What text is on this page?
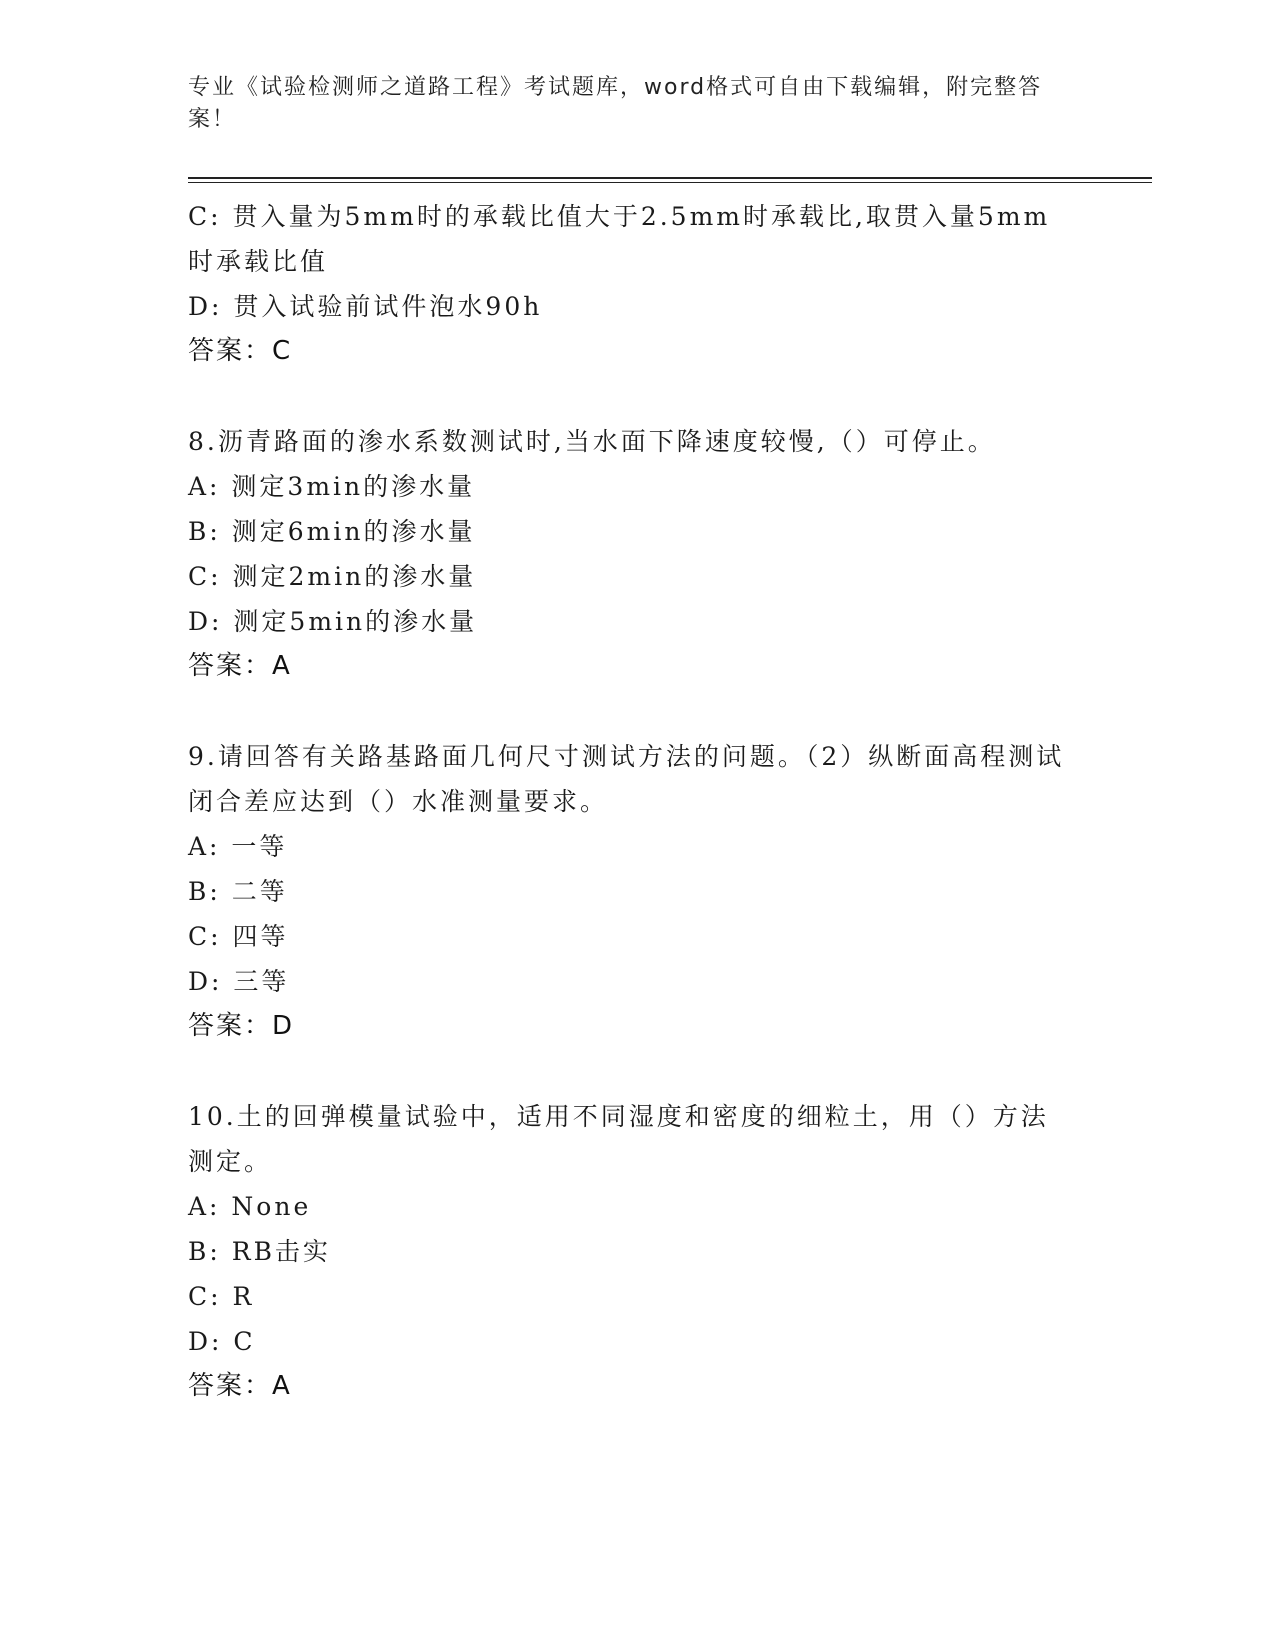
专业《试验检测师之道路工程》考试题库，word格式可自由下载编辑，附完整答案！
C: 贯入量为5mm时的承载比值大于2.5mm时承载比,取贯入量5mm时承载比值
D: 贯入试验前试件泡水90h
答案：C
8.沥青路面的渗水系数测试时,当水面下降速度较慢,（）可停止。
A: 测定3min的渗水量
B: 测定6min的渗水量
C: 测定2min的渗水量
D: 测定5min的渗水量
答案：A
9.请回答有关路基路面几何尺寸测试方法的问题。（2）纵断面高程测试闭合差应达到（）水准测量要求。
A: 一等
B: 二等
C: 四等
D: 三等
答案：D
10.土的回弹模量试验中，适用不同湿度和密度的细粒土，用（）方法测定。
A: None
B: RB击实
C: R
D: C
答案：A
